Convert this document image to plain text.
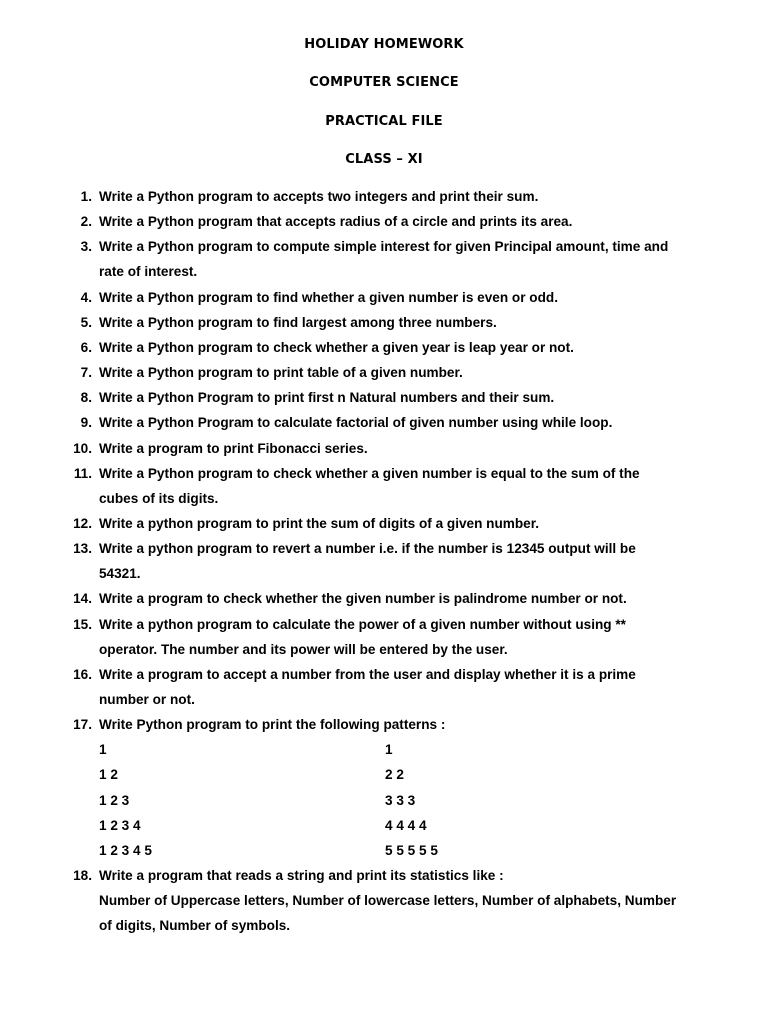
HOLIDAY HOMEWORK
COMPUTER SCIENCE
PRACTICAL FILE
CLASS – XI
1. Write a Python program to accepts two integers and print their sum.
2. Write a Python program that accepts radius of a circle and prints its area.
3. Write a Python program to compute simple interest for given Principal amount, time and
rate of interest.
4. Write a Python program to find whether a given number is even or odd.
5. Write a Python program to find largest among three numbers.
6. Write a Python program to check whether a given year is leap year or not.
7. Write a Python program to print table of a given number.
8. Write a Python Program to print first n Natural numbers and their sum.
9. Write a Python Program to calculate factorial of given number using while loop.
10. Write a program to print Fibonacci series.
11. Write a Python program to check whether a given number is equal to the sum of the
cubes of its digits.
12. Write a python program to print the sum of digits of a given number.
13. Write a python program to revert a number i.e. if the number is 12345 output will be
54321.
14. Write a program to check whether the given number is palindrome number or not.
15. Write a python program to calculate the power of a given number without using **
operator. The number and its power will be entered by the user.
16. Write a program to accept a number from the user and display whether it is a prime
number or not.
17. Write Python program to print the following patterns :
1	1
1 2	2 2
1 2 3	3 3 3
1 2 3 4	4 4 4 4
1 2 3 4 5	5 5 5 5 5
18. Write a program that reads a string and print its statistics like :
Number of Uppercase letters, Number of lowercase letters, Number of alphabets, Number
of digits, Number of symbols.
